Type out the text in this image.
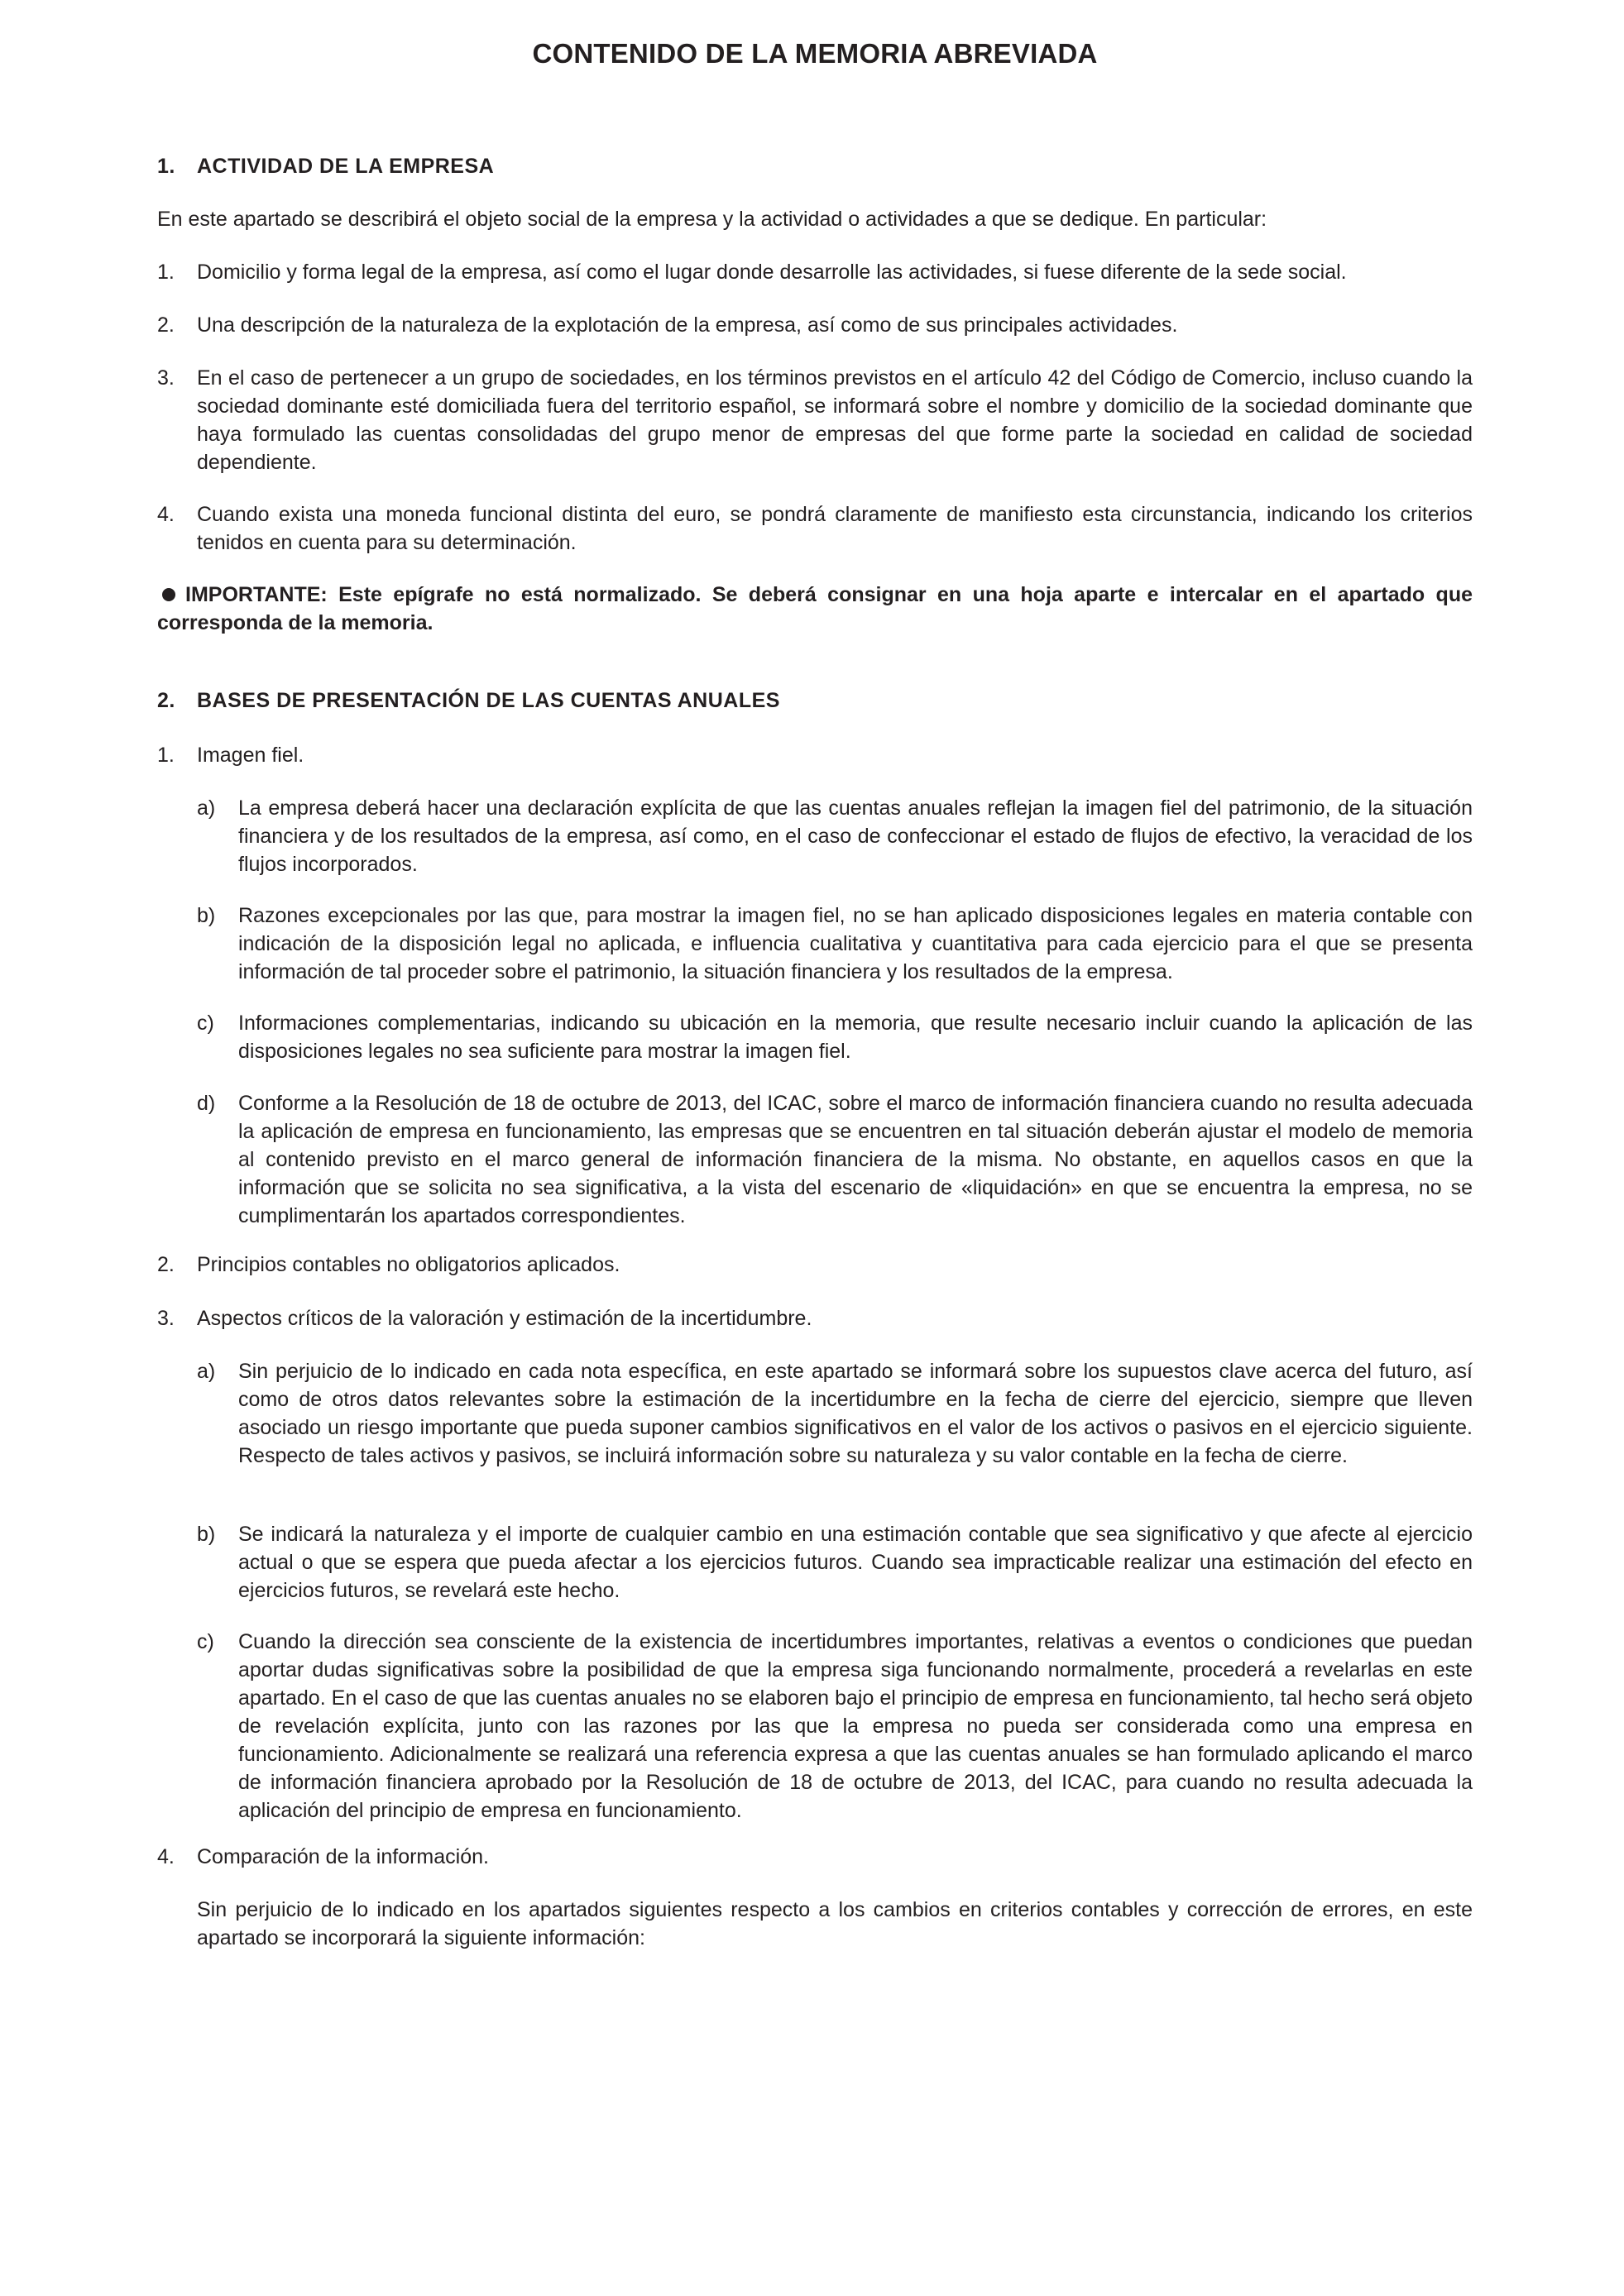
CONTENIDO DE LA MEMORIA ABREVIADA
1. ACTIVIDAD DE LA EMPRESA

En este apartado se describirá el objeto social de la empresa y la actividad o actividades a que se dedique. En particular:

1. Domicilio y forma legal de la empresa, así como el lugar donde desarrolle las actividades, si fuese diferente de la sede social.

2. Una descripción de la naturaleza de la explotación de la empresa, así como de sus principales actividades.

3. En el caso de pertenecer a un grupo de sociedades, en los términos previstos en el artículo 42 del Código de Comercio, incluso cuando la sociedad dominante esté domiciliada fuera del territorio español, se informará sobre el nombre y domicilio de la sociedad dominante que haya formulado las cuentas consolidadas del grupo menor de empresas del que forme parte la sociedad en calidad de sociedad dependiente.

4. Cuando exista una moneda funcional distinta del euro, se pondrá claramente de manifiesto esta circunstancia, indicando los criterios tenidos en cuenta para su determinación.

IMPORTANTE: Este epígrafe no está normalizado. Se deberá consignar en una hoja aparte e intercalar en el apartado que corresponda de la memoria.

2. BASES DE PRESENTACIÓN DE LAS CUENTAS ANUALES
1. Imagen fiel.

a) La empresa deberá hacer una declaración explícita de que las cuentas anuales reflejan la imagen fiel del patrimonio, de la situación financiera y de los resultados de la empresa, así como, en el caso de confeccionar el estado de flujos de efectivo, la veracidad de los flujos incorporados.

b) Razones excepcionales por las que, para mostrar la imagen fiel, no se han aplicado disposiciones legales en materia contable con indicación de la disposición legal no aplicada, e influencia cualitativa y cuantitativa para cada ejercicio para el que se presenta información de tal proceder sobre el patrimonio, la situación financiera y los resultados de la empresa.

c) Informaciones complementarias, indicando su ubicación en la memoria, que resulte necesario incluir cuando la aplicación de las disposiciones legales no sea suficiente para mostrar la imagen fiel.

d) Conforme a la Resolución de 18 de octubre de 2013, del ICAC, sobre el marco de información financiera cuando no resulta adecuada la aplicación de empresa en funcionamiento, las empresas que se encuentren en tal situación deberán ajustar el modelo de memoria al contenido previsto en el marco general de información financiera de la misma. No obstante, en aquellos casos en que la información que se solicita no sea significativa, a la vista del escenario de «liquidación» en que se encuentra la empresa, no se cumplimentarán los apartados correspondientes.

2. Principios contables no obligatorios aplicados.

3. Aspectos críticos de la valoración y estimación de la incertidumbre.

a) Sin perjuicio de lo indicado en cada nota específica, en este apartado se informará sobre los supuestos clave acerca del futuro, así como de otros datos relevantes sobre la estimación de la incertidumbre en la fecha de cierre del ejercicio, siempre que lleven asociado un riesgo importante que pueda suponer cambios significativos en el valor de los activos o pasivos en el ejercicio siguiente. Respecto de tales activos y pasivos, se incluirá información sobre su naturaleza y su valor contable en la fecha de cierre.

b) Se indicará la naturaleza y el importe de cualquier cambio en una estimación contable que sea significativo y que afecte al ejercicio actual o que se espera que pueda afectar a los ejercicios futuros. Cuando sea impracticable realizar una estimación del efecto en ejercicios futuros, se revelará este hecho.

c) Cuando la dirección sea consciente de la existencia de incertidumbres importantes, relativas a eventos o condiciones que puedan aportar dudas significativas sobre la posibilidad de que la empresa siga funcionando normalmente, procederá a revelarlas en este apartado. En el caso de que las cuentas anuales no se elaboren bajo el principio de empresa en funcionamiento, tal hecho será objeto de revelación explícita, junto con las razones por las que la empresa no pueda ser considerada como una empresa en funcionamiento. Adicionalmente se realizará una referencia expresa a que las cuentas anuales se han formulado aplicando el marco de información financiera aprobado por la Resolución de 18 de octubre de 2013, del ICAC, para cuando no resulta adecuada la aplicación del principio de empresa en funcionamiento.

4. Comparación de la información.

Sin perjuicio de lo indicado en los apartados siguientes respecto a los cambios en criterios contables y corrección de errores, en este apartado se incorporará la siguiente información:
